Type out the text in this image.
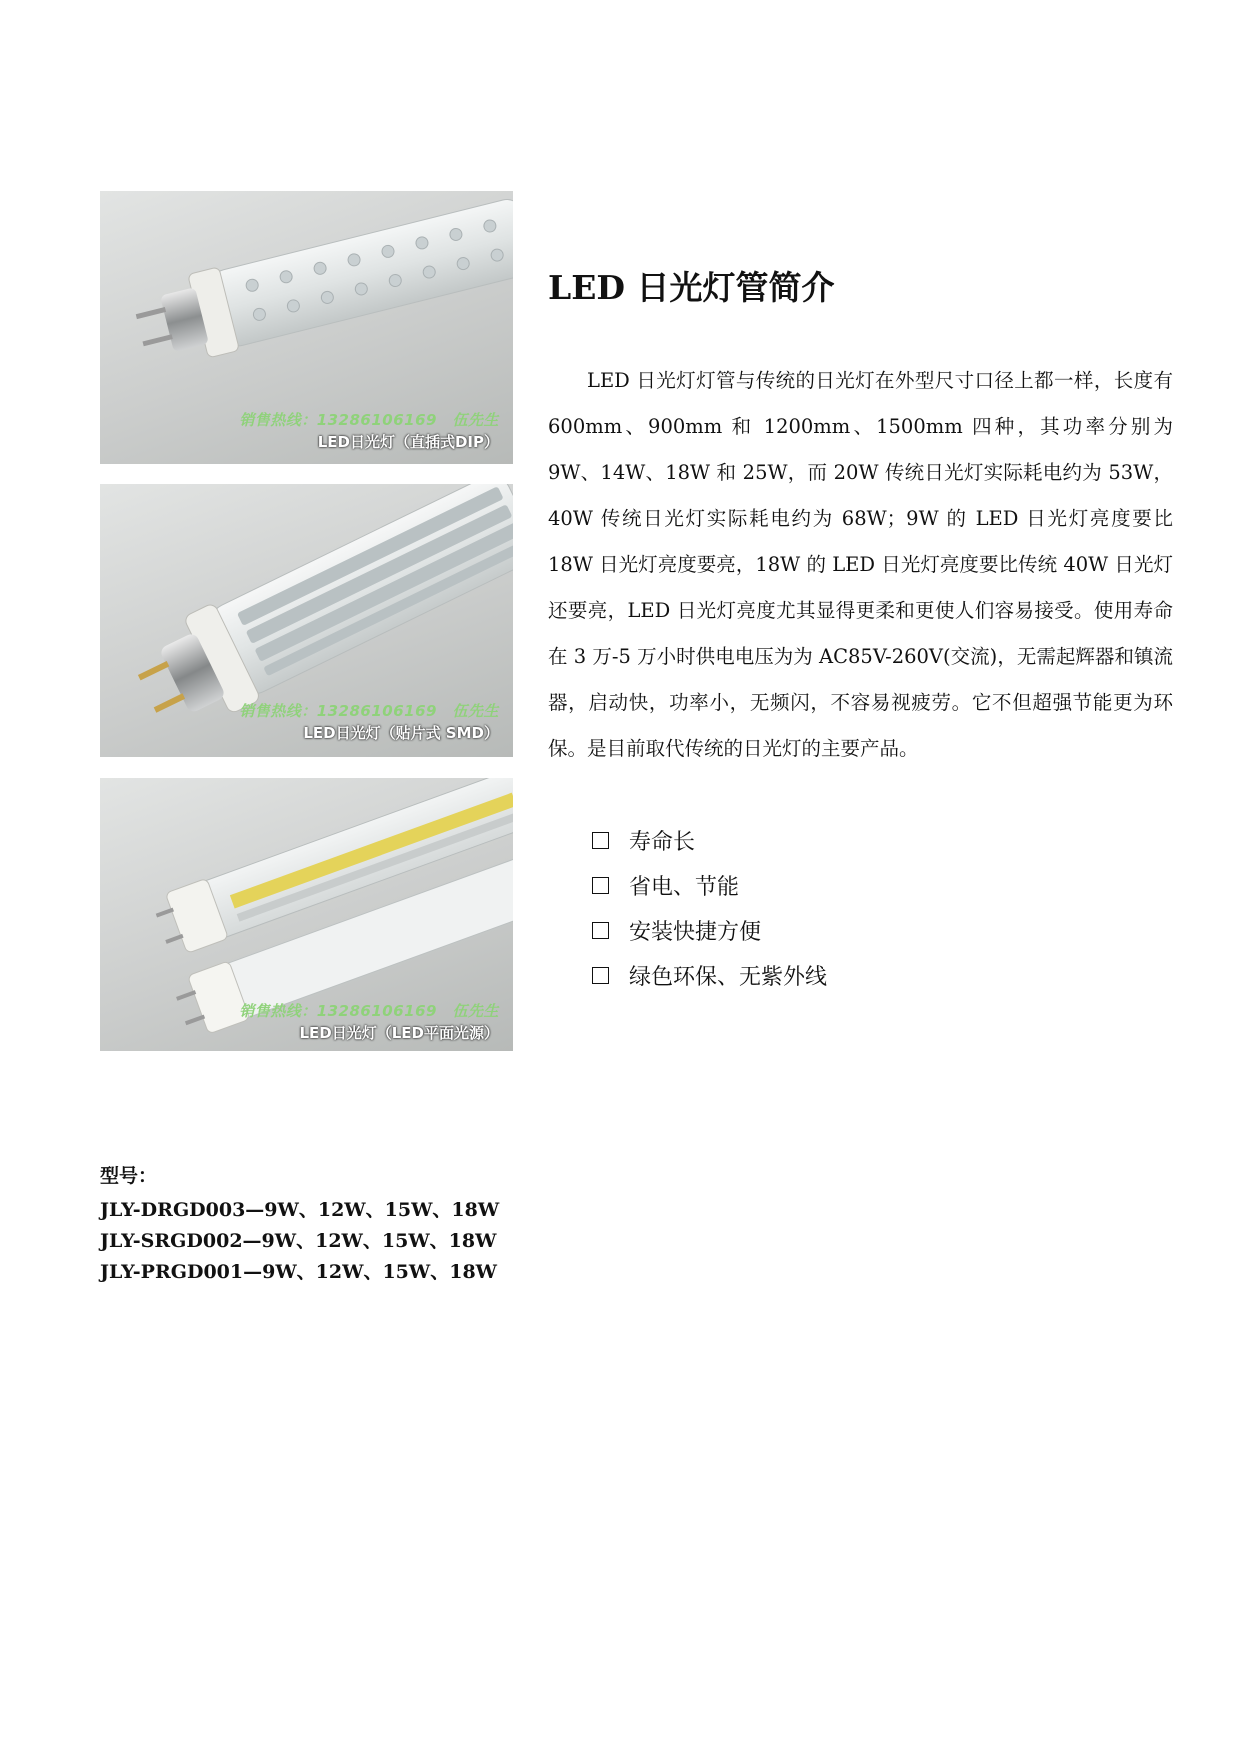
销售热线：13286106169　伍先生
LED日光灯（直插式DIP）
销售热线：13286106169　伍先生
LED日光灯（贴片式 SMD）
销售热线：13286106169　伍先生
LED日光灯（LED平面光源）
LED 日光灯管简介
LED 日光灯灯管与传统的日光灯在外型尺寸口径上都一样，长度有 600mm、900mm 和 1200mm、1500mm 四种，其功率分别为 9W、14W、18W 和 25W，而 20W 传统日光灯实际耗电约为 53W，40W 传统日光灯实际耗电约为 68W；9W 的 LED 日光灯亮度要比 18W 日光灯亮度要亮，18W 的 LED 日光灯亮度要比传统 40W 日光灯还要亮，LED 日光灯亮度尤其显得更柔和更使人们容易接受。使用寿命在 3 万-5 万小时供电电压为为 AC85V-260V(交流)，无需起辉器和镇流器，启动快，功率小，无频闪，不容易视疲劳。它不但超强节能更为环保。是目前取代传统的日光灯的主要产品。
寿命长
省电、节能
安装快捷方便
绿色环保、无紫外线
型号：
JLY-DRGD003—9W、12W、15W、18W
JLY-SRGD002—9W、12W、15W、18W
JLY-PRGD001—9W、12W、15W、18W
